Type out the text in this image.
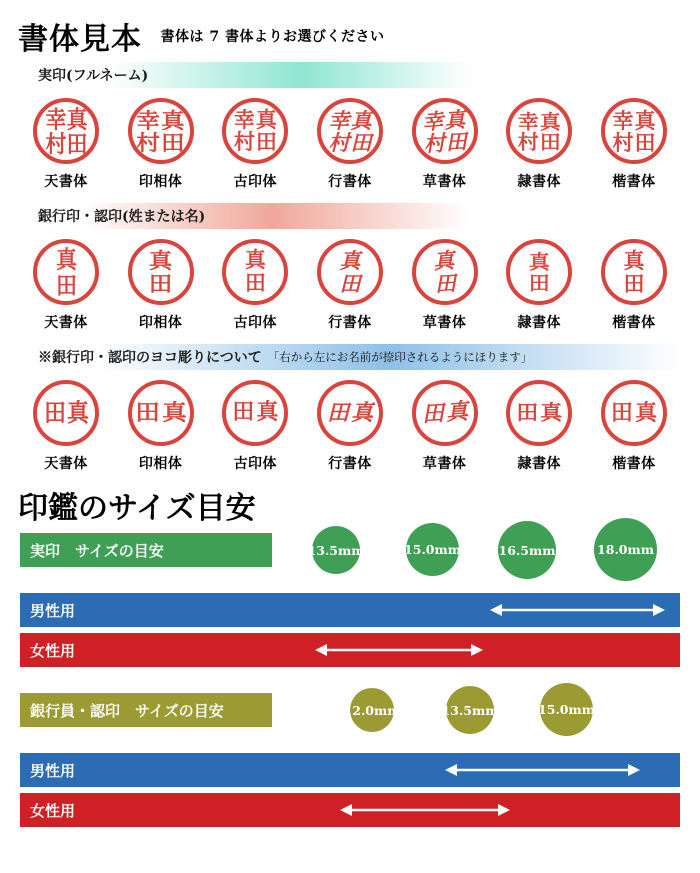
書体見本 書体は 7 書体よりお選びください
実印(フルネーム)
幸
村
真
田
天書体
幸
村
真
田
印相体
幸
村
真
田
古印体
幸
村
真
田
行書体
幸
村
真
田
草書体
幸
村
真
田
隷書体
幸
村
真
田
楷書体
銀行印・認印(姓または名)
真
田
天書体
真
田
印相体
真
田
古印体
真
田
行書体
真
田
草書体
真
田
隷書体
真
田
楷書体
※銀行印・認印のヨコ彫りについて 「右から左にお名前が捺印されるようにほります」
田 真
天書体
田 真
印相体
田 真
古印体
田 真
行書体
田 真
草書体
田 真
隷書体
田 真
楷書体
印鑑のサイズ目安
実印　サイズの目安	13.5mm	15.0mm	16.5mm	18.0mm
男性用
女性用
銀行員・認印　サイズの目安	12.0mm	13.5mm	15.0mm
男性用
女性用
